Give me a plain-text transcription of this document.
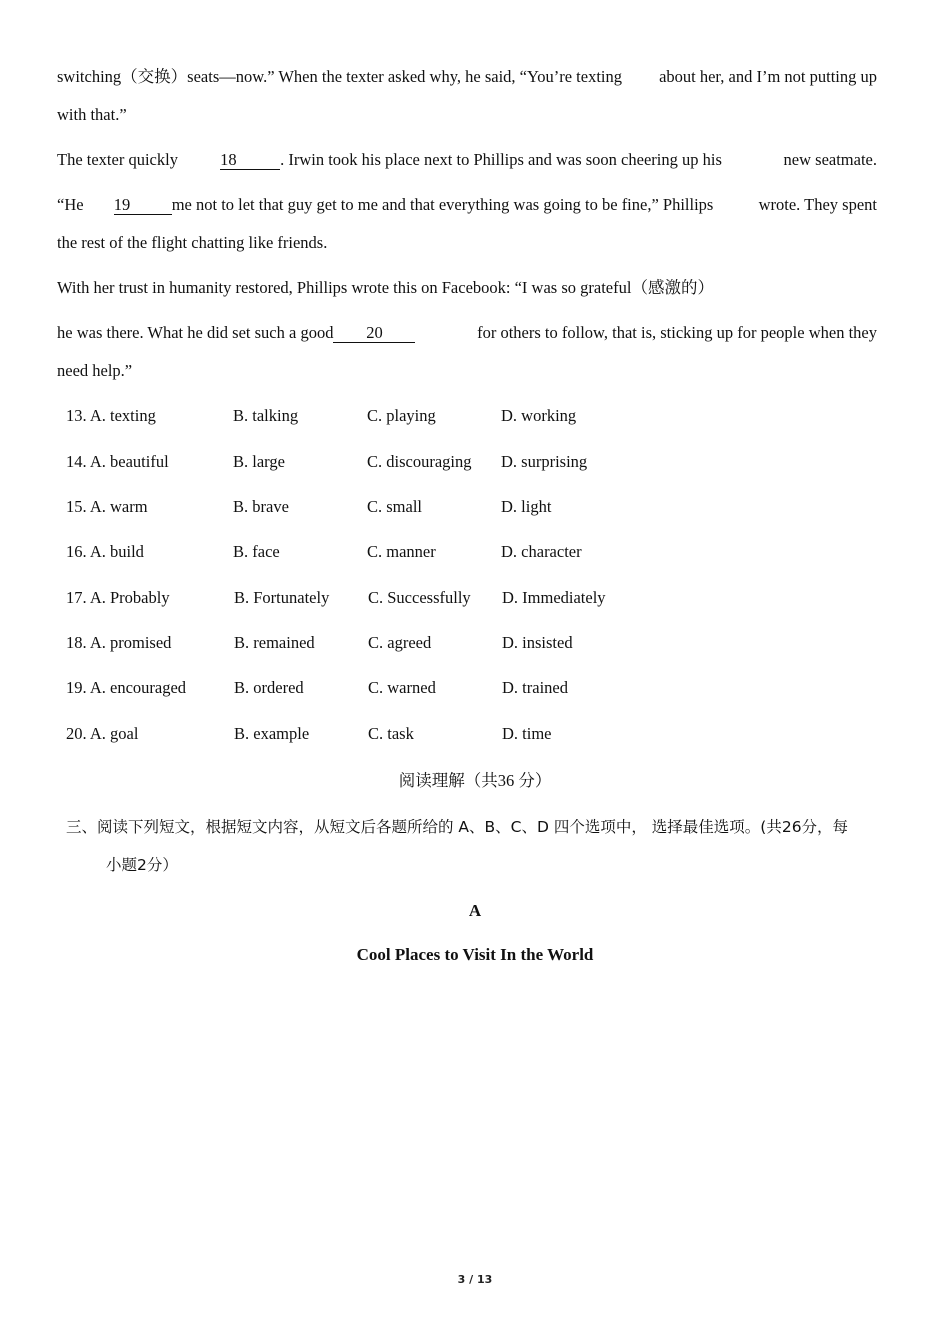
switching（交换）seats—now.” When the texter asked why, he said, “You’re texting about her, and I’m not putting up
with that.”
The texter quickly	18	. Irwin took his place next to Phillips and was soon cheering up his	new seatmate.
“He 19	me not to let that guy get to me and that everything was going to be fine,” Phillips	wrote. They spent
the rest of the flight chatting like friends.
With her trust in humanity restored, Phillips wrote this on Facebook: “I was so grateful（感激的）
he was there. What he did set such a good 20	for others to follow, that is, sticking up for people when they
need help.”
13. A. texting	B. talking	C. playing	D. working
14. A. beautiful	B. large	C. discouraging D. surprising
15. A. warm	B. brave	C. small	D. light
16. A. build	B. face	C. manner	D. character
17. A. Probably	B. Fortunately C. Successfully D. Immediately
18. A. promised	B. remained	C. agreed	D. insisted
19. A. encouraged	B. ordered	C. warned	D. trained
20. A. goal	B. example	C. task	D. time
阅读理解（共36 分）
三、阅读下列短文，根据短文内容，从短文后各题所给的 A、B、C、D 四个选项中， 选择最佳选项。(共26分，每
小题2分）
A
Cool Places to Visit In the World
3 / 13
